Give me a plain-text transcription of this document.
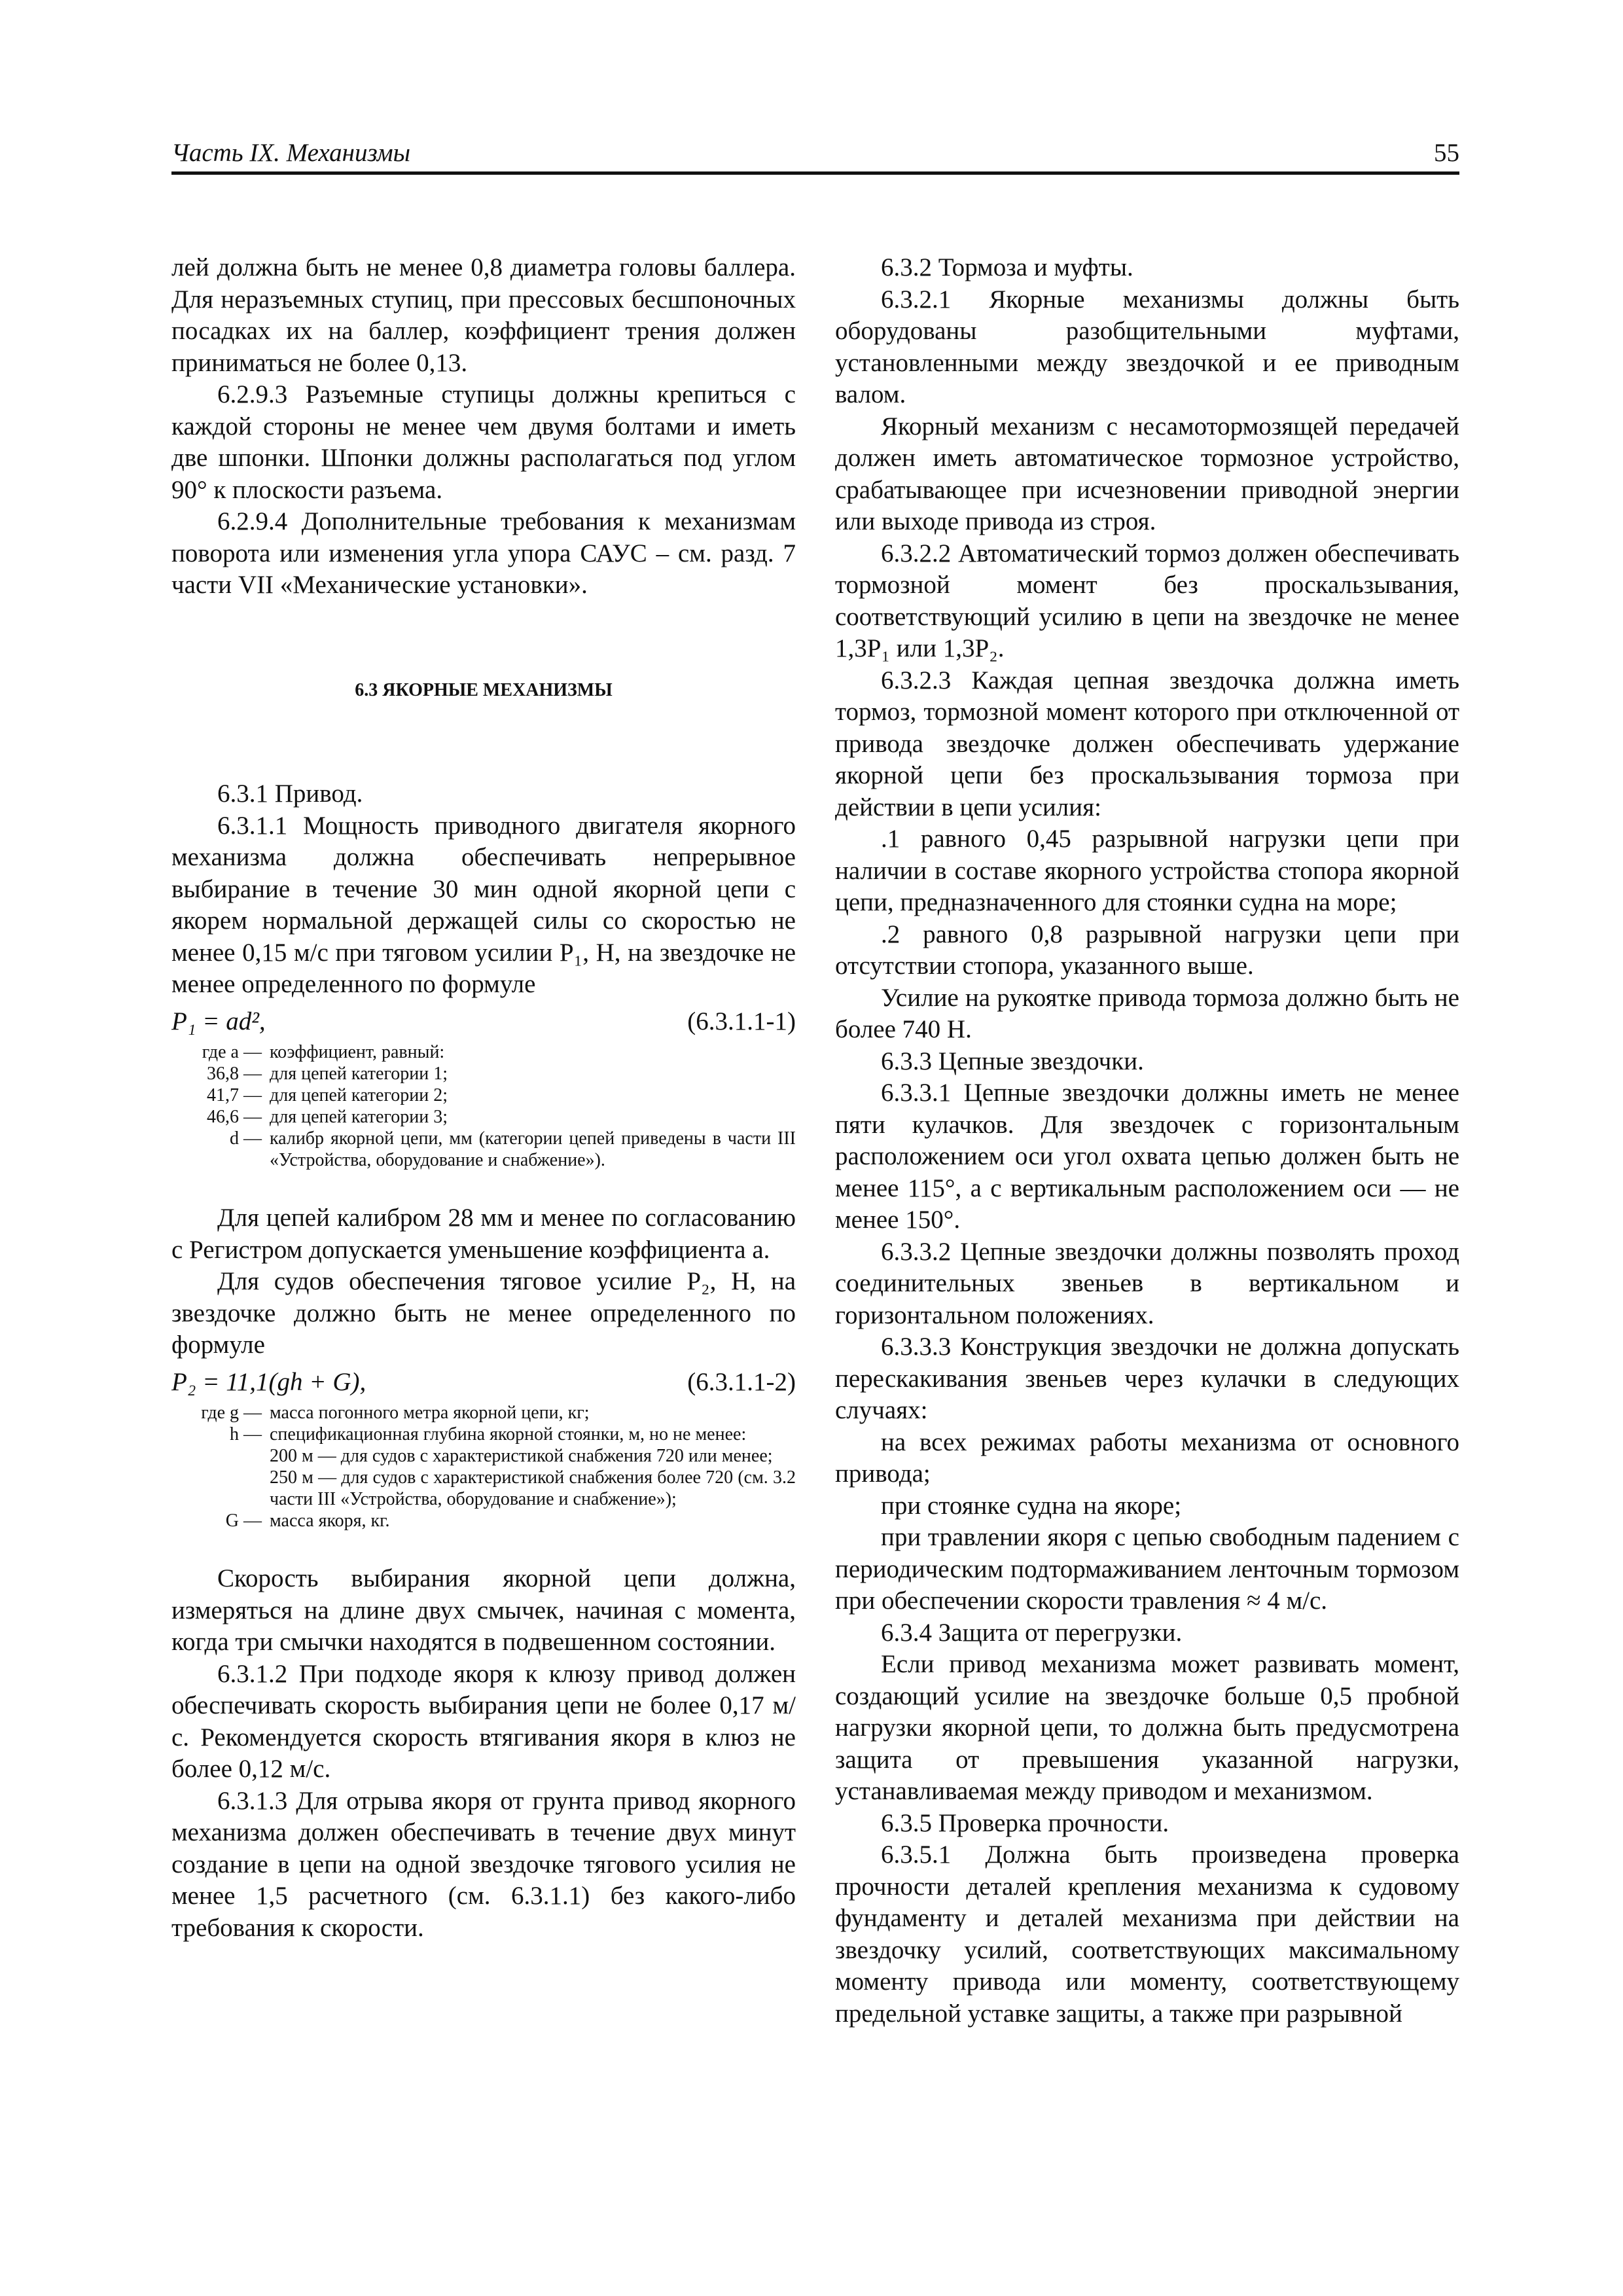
Часть IX. Механизмы	55

лей должна быть не менее 0,8 диаметра головы баллера. Для неразъемных ступиц, при прессовых бесшпоночных посадках их на баллер, коэффициент трения должен приниматься не более 0,13.

6.2.9.3 Разъемные ступицы должны крепиться с каждой стороны не менее чем двумя болтами и иметь две шпонки. Шпонки должны располагаться под углом 90° к плоскости разъема.

6.2.9.4 Дополнительные требования к механизмам поворота или изменения угла упора САУС – см. разд. 7 части VII «Механические установки».

6.3 ЯКОРНЫЕ МЕХАНИЗМЫ

6.3.1 Привод.

6.3.1.1 Мощность приводного двигателя якорного механизма должна обеспечивать непрерывное выбирание в течение 30 мин одной якорной цепи с якорем нормальной держащей силы со скоростью не менее 0,15 м/с при тяговом усилии P₁, Н, на звездочке не менее определенного по формуле

P₁ = ad²,	(6.3.1.1-1)
где a — коэффициент, равный:
36,8 — для цепей категории 1;
41,7 — для цепей категории 2;
46,6 — для цепей категории 3;
d — калибр якорной цепи, мм (категории цепей приведены в части III «Устройства, оборудование и снабжение»).

Для цепей калибром 28 мм и менее по согласованию с Регистром допускается уменьшение коэффициента a.

Для судов обеспечения тяговое усилие P₂, Н, на звездочке должно быть не менее определенного по формуле

P₂ = 11,1(gh + G),	(6.3.1.1-2)
где g — масса погонного метра якорной цепи, кг;
h — спецификационная глубина якорной стоянки, м, но не менее:
200 м — для судов с характеристикой снабжения 720 или менее;
250 м — для судов с характеристикой снабжения более 720 (см. 3.2 части III «Устройства, оборудование и снабжение»);
G — масса якоря, кг.

Скорость выбирания якорной цепи должна, измеряться на длине двух смычек, начиная с момента, когда три смычки находятся в подвешенном состоянии.

6.3.1.2 При подходе якоря к клюзу привод должен обеспечивать скорость выбирания цепи не более 0,17 м/с. Рекомендуется скорость втягивания якоря в клюз не более 0,12 м/с.

6.3.1.3 Для отрыва якоря от грунта привод якорного механизма должен обеспечивать в течение двух минут создание в цепи на одной звездочке тягового усилия не менее 1,5 расчетного (см. 6.3.1.1) без какого-либо требования к скорости.

6.3.2 Тормоза и муфты.

6.3.2.1 Якорные механизмы должны быть оборудованы разобщительными муфтами, установленными между звездочкой и ее приводным валом.

Якорный механизм с несамотормозящей передачей должен иметь автоматическое тормозное устройство, срабатывающее при исчезновении приводной энергии или выходе привода из строя.

6.3.2.2 Автоматический тормоз должен обеспечивать тормозной момент без проскальзывания, соответствующий усилию в цепи на звездочке не менее 1,3P₁ или 1,3P₂.

6.3.2.3 Каждая цепная звездочка должна иметь тормоз, тормозной момент которого при отключенной от привода звездочке должен обеспечивать удержание якорной цепи без проскальзывания тормоза при действии в цепи усилия:

.1 равного 0,45 разрывной нагрузки цепи при наличии в составе якорного устройства стопора якорной цепи, предназначенного для стоянки судна на море;

.2 равного 0,8 разрывной нагрузки цепи при отсутствии стопора, указанного выше.

Усилие на рукоятке привода тормоза должно быть не более 740 Н.

6.3.3 Цепные звездочки.

6.3.3.1 Цепные звездочки должны иметь не менее пяти кулачков. Для звездочек с горизонтальным расположением оси угол охвата цепью должен быть не менее 115°, а с вертикальным расположением оси — не менее 150°.

6.3.3.2 Цепные звездочки должны позволять проход соединительных звеньев в вертикальном и горизонтальном положениях.

6.3.3.3 Конструкция звездочки не должна допускать перескакивания звеньев через кулачки в следующих случаях:

на всех режимах работы механизма от основного привода;

при стоянке судна на якоре;

при травлении якоря с цепью свободным падением с периодическим подтормаживанием ленточным тормозом при обеспечении скорости травления ≈ 4 м/с.

6.3.4 Защита от перегрузки.

Если привод механизма может развивать момент, создающий усилие на звездочке больше 0,5 пробной нагрузки якорной цепи, то должна быть предусмотрена защита от превышения указанной нагрузки, устанавливаемая между приводом и механизмом.

6.3.5 Проверка прочности.

6.3.5.1 Должна быть произведена проверка прочности деталей крепления механизма к судовому фундаменту и деталей механизма при действии на звездочку усилий, соответствующих максимальному моменту привода или моменту, соответствующему предельной уставке защиты, а также при разрывной
